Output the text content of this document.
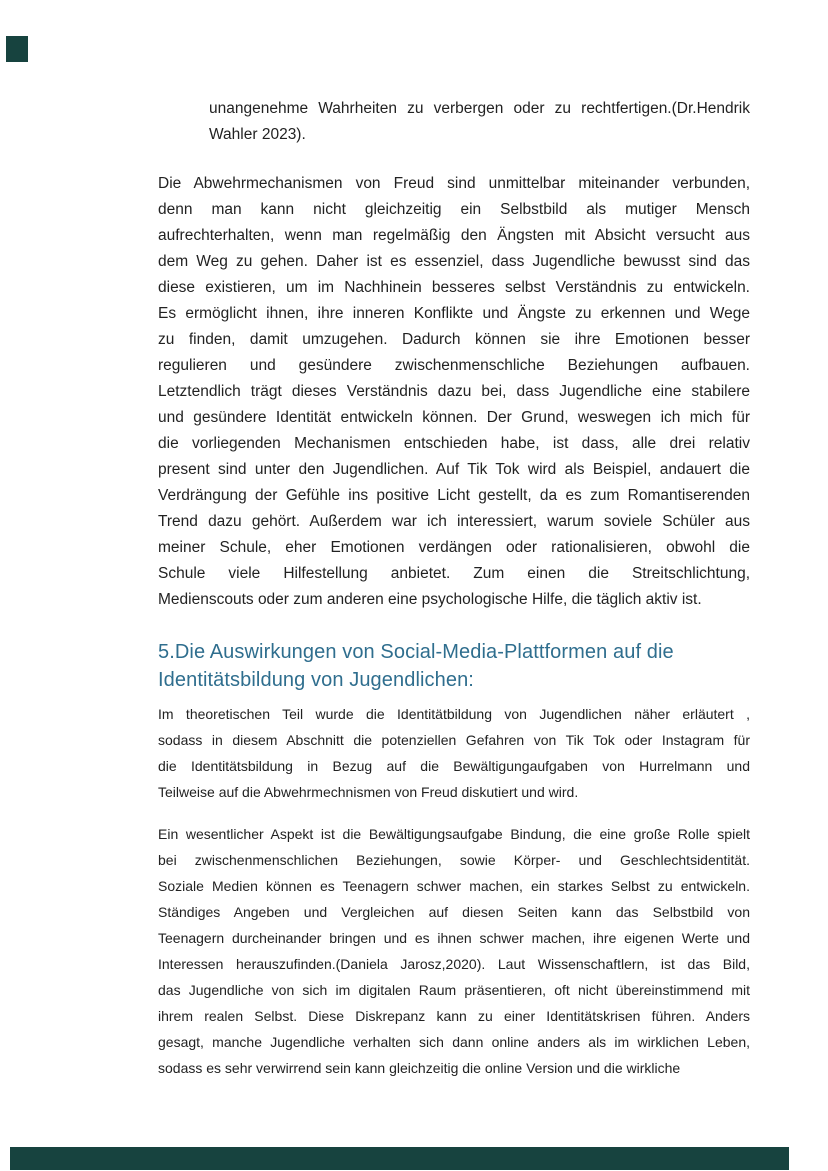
unangenehme Wahrheiten zu verbergen oder zu rechtfertigen.(Dr.Hendrik
Wahler 2023).
Die Abwehrmechanismen von Freud sind unmittelbar miteinander verbunden,
denn man kann nicht gleichzeitig ein Selbstbild als mutiger Mensch
aufrechterhalten, wenn man regelmäßig den Ängsten mit Absicht versucht aus
dem Weg zu gehen. Daher ist es essenziel, dass Jugendliche bewusst sind das
diese existieren, um im Nachhinein besseres selbst Verständnis zu entwickeln.
Es ermöglicht ihnen, ihre inneren Konflikte und Ängste zu erkennen und Wege
zu finden, damit umzugehen. Dadurch können sie ihre Emotionen besser
regulieren und gesündere zwischenmenschliche Beziehungen aufbauen.
Letztendlich trägt dieses Verständnis dazu bei, dass Jugendliche eine stabilere
und gesündere Identität entwickeln können. Der Grund, weswegen ich mich für
die vorliegenden Mechanismen entschieden habe, ist dass, alle drei relativ
present sind unter den Jugendlichen. Auf Tik Tok wird als Beispiel, andauert die
Verdrängung der Gefühle ins positive Licht gestellt, da es zum Romantiserenden
Trend dazu gehört. Außerdem war ich interessiert, warum soviele Schüler aus
meiner Schule, eher Emotionen verdängen oder rationalisieren, obwohl die
Schule viele Hilfestellung anbietet. Zum einen die Streitschlichtung,
Medienscouts oder zum anderen eine psychologische Hilfe, die täglich aktiv ist.
5.Die Auswirkungen von Social-Media-Plattformen auf die Identitätsbildung von Jugendlichen:
Im theoretischen Teil wurde die Identitätbildung von Jugendlichen näher erläutert ,
sodass in diesem Abschnitt die potenziellen Gefahren von Tik Tok oder Instagram für
die Identitätsbildung in Bezug auf die Bewältigungaufgaben von Hurrelmann und
Teilweise auf die Abwehrmechnismen von Freud diskutiert und wird.
Ein wesentlicher Aspekt ist die Bewältigungsaufgabe Bindung, die eine große Rolle spielt
bei zwischenmenschlichen Beziehungen, sowie Körper- und Geschlechtsidentität.
Soziale Medien können es Teenagern schwer machen, ein starkes Selbst zu entwickeln.
Ständiges Angeben und Vergleichen auf diesen Seiten kann das Selbstbild von
Teenagern durcheinander bringen und es ihnen schwer machen, ihre eigenen Werte und
Interessen herauszufinden.(Daniela Jarosz,2020). Laut Wissenschaftlern, ist das Bild,
das Jugendliche von sich im digitalen Raum präsentieren, oft nicht übereinstimmend mit
ihrem realen Selbst. Diese Diskrepanz kann zu einer Identitätskrisen führen. Anders
gesagt, manche Jugendliche verhalten sich dann online anders als im wirklichen Leben,
sodass es sehr verwirrend sein kann gleichzeitig die online Version und die wirkliche
